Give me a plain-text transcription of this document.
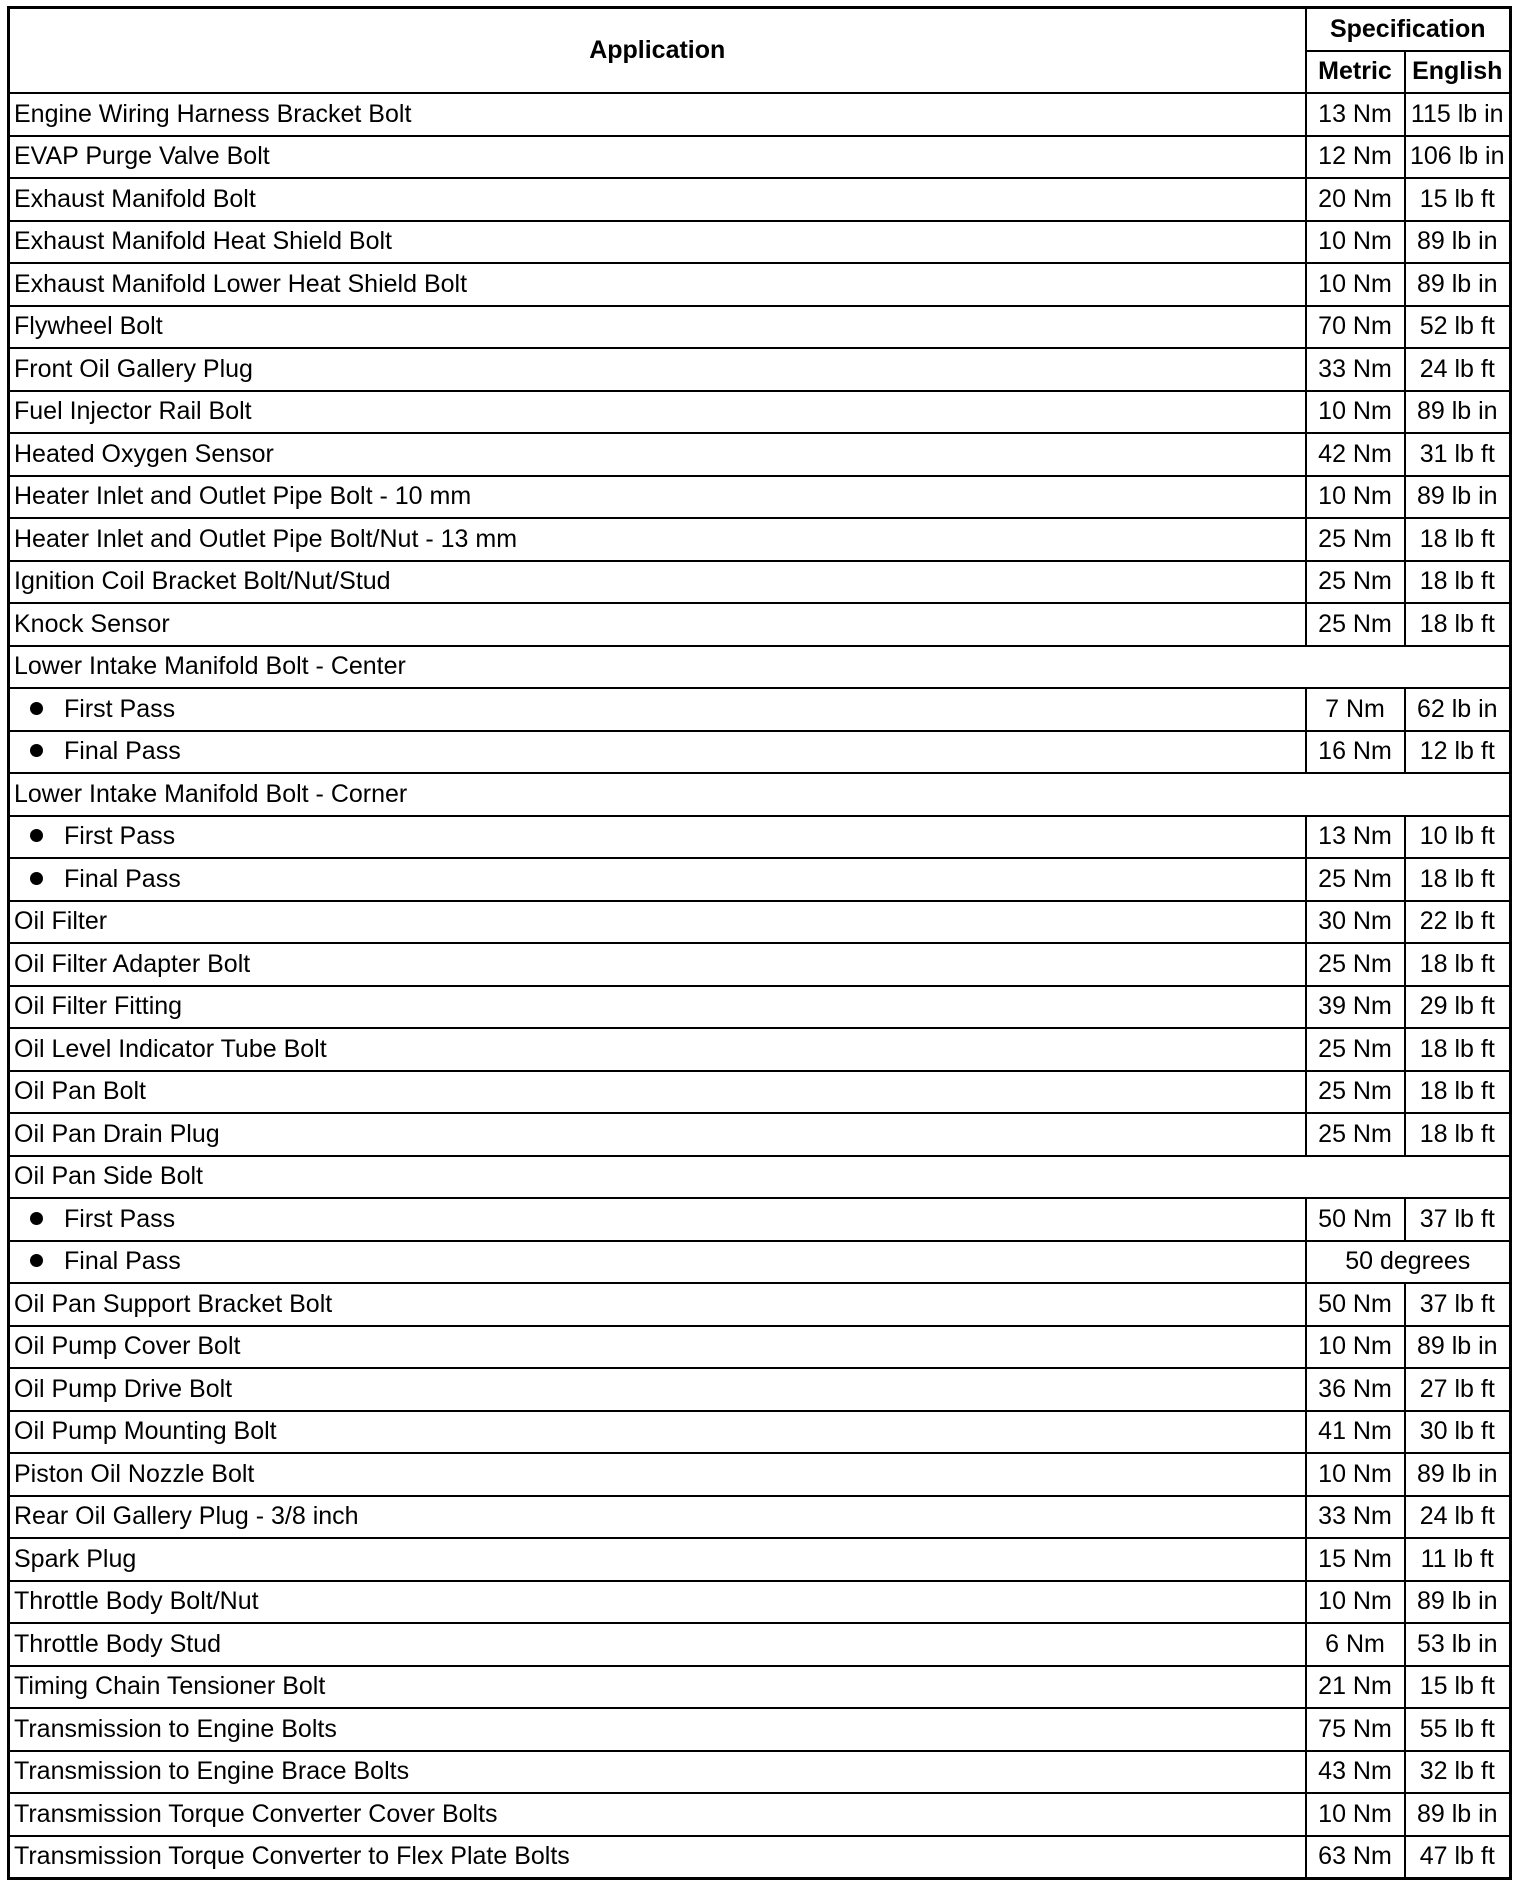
Application	Specification	
	Metric	English
Engine Wiring Harness Bracket Bolt	13 Nm	115 lb in
EVAP Purge Valve Bolt	12 Nm	106 lb in
Exhaust Manifold Bolt	20 Nm	15 lb ft
Exhaust Manifold Heat Shield Bolt	10 Nm	89 lb in
Exhaust Manifold Lower Heat Shield Bolt	10 Nm	89 lb in
Flywheel Bolt	70 Nm	52 lb ft
Front Oil Gallery Plug	33 Nm	24 lb ft
Fuel Injector Rail Bolt	10 Nm	89 lb in
Heated Oxygen Sensor	42 Nm	31 lb ft
Heater Inlet and Outlet Pipe Bolt - 10 mm	10 Nm	89 lb in
Heater Inlet and Outlet Pipe Bolt/Nut - 13 mm	25 Nm	18 lb ft
Ignition Coil Bracket Bolt/Nut/Stud	25 Nm	18 lb ft
Knock Sensor	25 Nm	18 lb ft
Lower Intake Manifold Bolt - Center		
First Pass	7 Nm	62 lb in
Final Pass	16 Nm	12 lb ft
Lower Intake Manifold Bolt - Corner		
First Pass	13 Nm	10 lb ft
Final Pass	25 Nm	18 lb ft
Oil Filter	30 Nm	22 lb ft
Oil Filter Adapter Bolt	25 Nm	18 lb ft
Oil Filter Fitting	39 Nm	29 lb ft
Oil Level Indicator Tube Bolt	25 Nm	18 lb ft
Oil Pan Bolt	25 Nm	18 lb ft
Oil Pan Drain Plug	25 Nm	18 lb ft
Oil Pan Side Bolt		
First Pass	50 Nm	37 lb ft
Final Pass	50 degrees	
Oil Pan Support Bracket Bolt	50 Nm	37 lb ft
Oil Pump Cover Bolt	10 Nm	89 lb in
Oil Pump Drive Bolt	36 Nm	27 lb ft
Oil Pump Mounting Bolt	41 Nm	30 lb ft
Piston Oil Nozzle Bolt	10 Nm	89 lb in
Rear Oil Gallery Plug - 3/8 inch	33 Nm	24 lb ft
Spark Plug	15 Nm	11 lb ft
Throttle Body Bolt/Nut	10 Nm	89 lb in
Throttle Body Stud	6 Nm	53 lb in
Timing Chain Tensioner Bolt	21 Nm	15 lb ft
Transmission to Engine Bolts	75 Nm	55 lb ft
Transmission to Engine Brace Bolts	43 Nm	32 lb ft
Transmission Torque Converter Cover Bolts	10 Nm	89 lb in
Transmission Torque Converter to Flex Plate Bolts	63 Nm	47 lb ft
